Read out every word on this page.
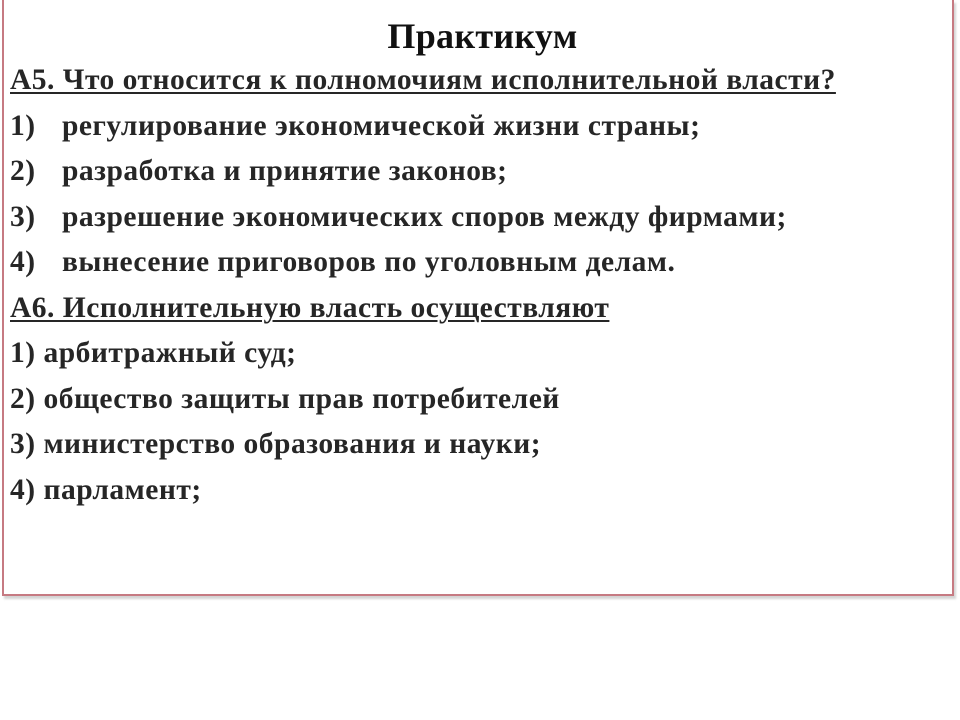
Практикум
А5. Что относится к полномочиям исполнительной власти?
1) регулирование экономической жизни страны;
2) разработка и принятие законов;
3) разрешение экономических споров между фирмами;
4) вынесение приговоров по уголовным делам.
А6. Исполнительную власть осуществляют
1) арбитражный суд;
2) общество защиты прав потребителей
3) министерство образования и науки;
4) парламент;
